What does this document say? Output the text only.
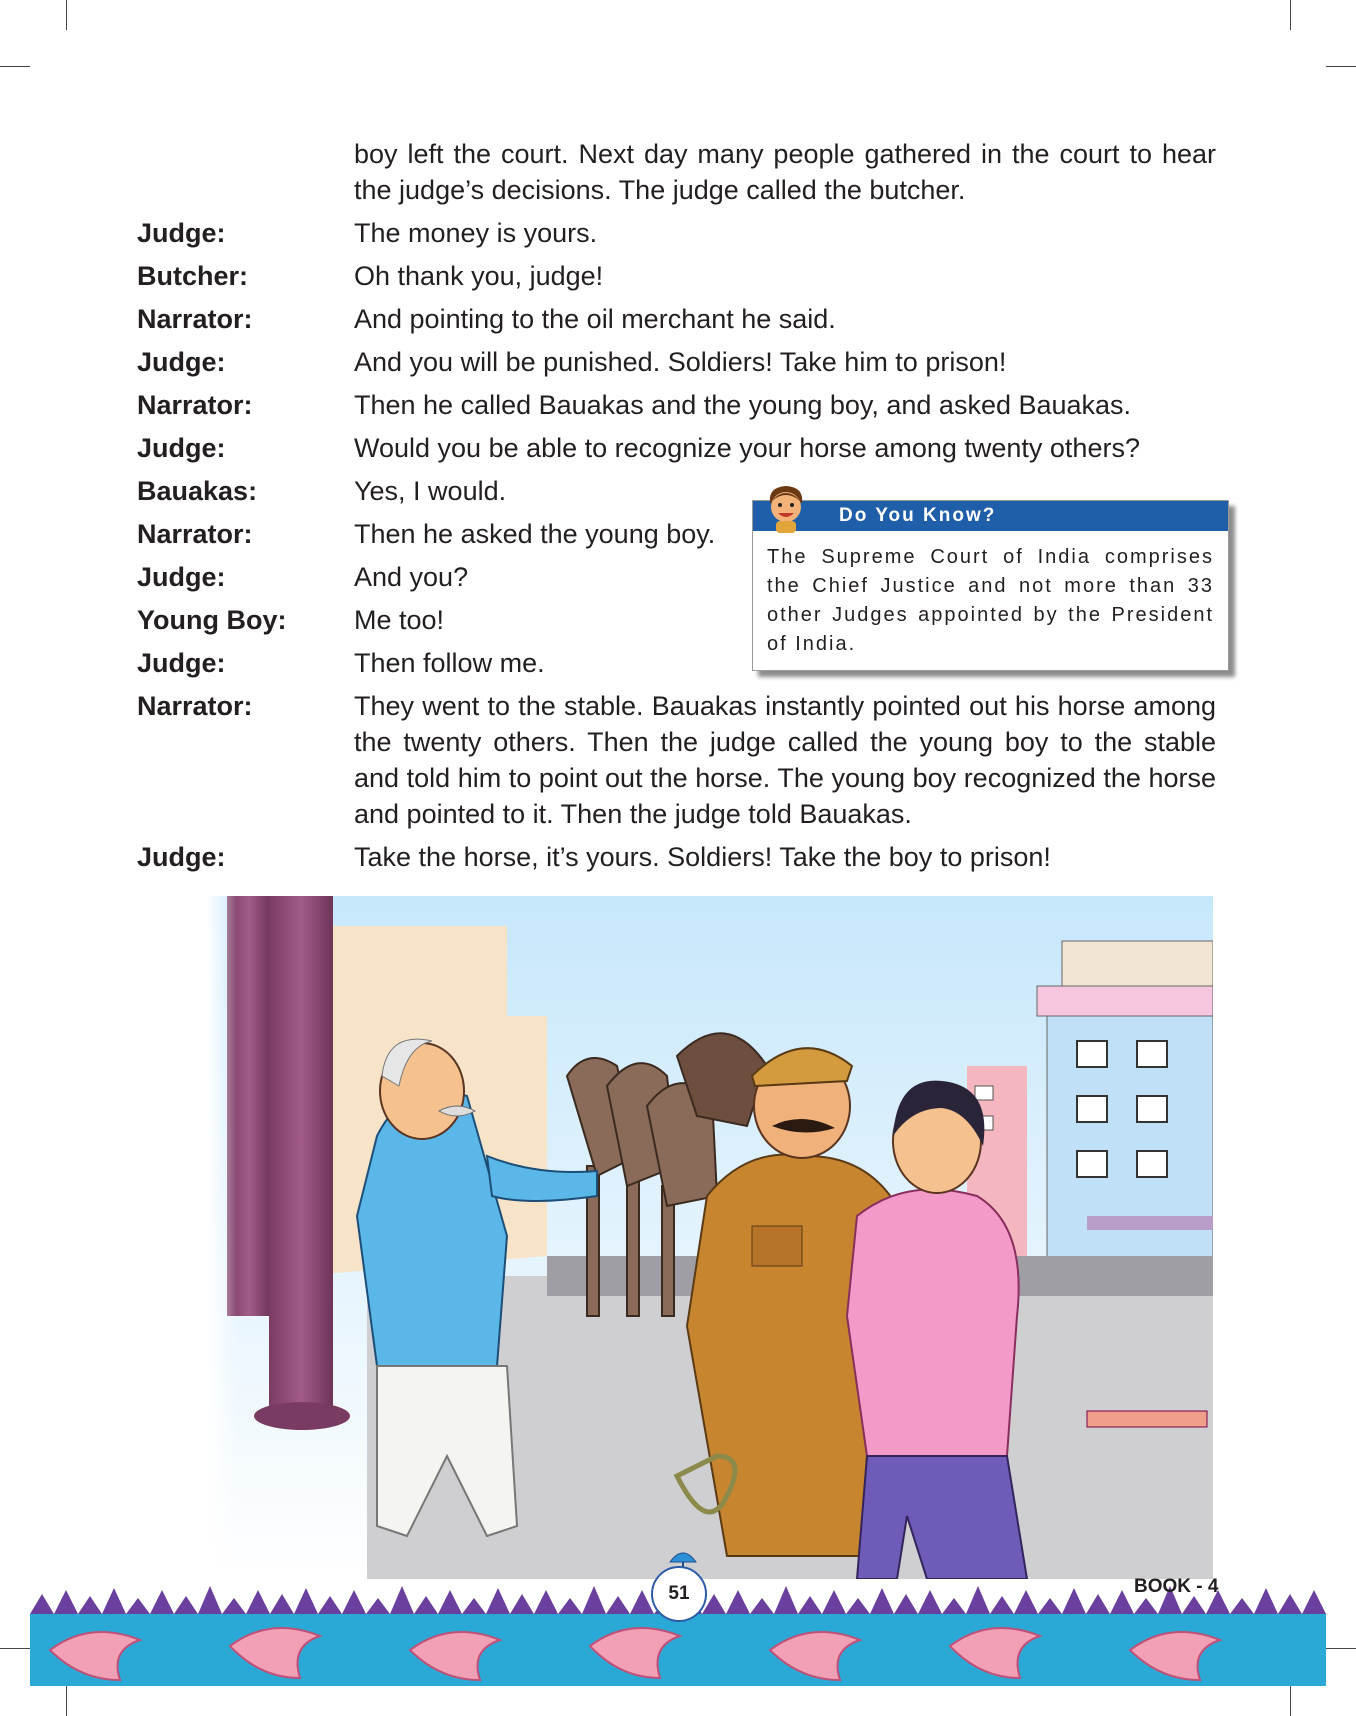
boy left the court. Next day many people gathered in the court to hear the judge’s decisions. The judge called the butcher.
Judge:	The money is yours.
Butcher:	Oh thank you, judge!
Narrator:	And pointing to the oil merchant he said.
Judge:	And you will be punished. Soldiers! Take him to prison!
Narrator:	Then he called Bauakas and the young boy, and asked Bauakas.
Judge:	Would you be able to recognize your horse among twenty others?
Bauakas:	Yes, I would.
Narrator:	Then he asked the young boy.
Judge:	And you?
Young Boy:	Me too!
Judge:	Then follow me.
Narrator:	They went to the stable. Bauakas instantly pointed out his horse among the twenty others. Then the judge called the young boy to the stable and told him to point out the horse. The young boy recognized the horse and pointed to it. Then the judge told Bauakas.
Judge:	Take the horse, it’s yours. Soldiers! Take the boy to prison!
Do You Know?
The Supreme Court of India comprises the Chief Justice and not more than 33 other Judges appointed by the President of India.
51	BOOK - 4
